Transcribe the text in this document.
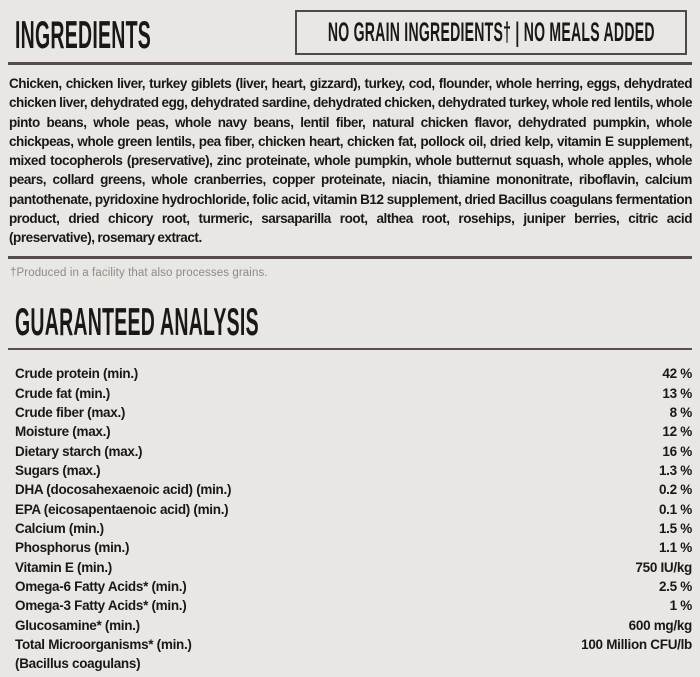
INGREDIENTS	NO GRAIN INGREDIENTS† | NO MEALS ADDED

Chicken, chicken liver, turkey giblets (liver, heart, gizzard), turkey, cod, flounder, whole herring, eggs, dehydrated chicken liver, dehydrated egg, dehydrated sardine, dehydrated chicken, dehydrated turkey, whole red lentils, whole pinto beans, whole peas, whole navy beans, lentil fiber, natural chicken flavor, dehydrated pumpkin, whole chickpeas, whole green lentils, pea fiber, chicken heart, chicken fat, pollock oil, dried kelp, vitamin E supplement, mixed tocopherols (preservative), zinc proteinate, whole pumpkin, whole butternut squash, whole apples, whole pears, collard greens, whole cranberries, copper proteinate, niacin, thiamine mononitrate, riboflavin, calcium pantothenate, pyridoxine hydrochloride, folic acid, vitamin B12 supplement, dried Bacillus coagulans fermentation product, dried chicory root, turmeric, sarsaparilla root, althea root, rosehips, juniper berries, citric acid (preservative), rosemary extract.

†Produced in a facility that also processes grains.

GUARANTEED ANALYSIS
Crude protein (min.)	42 %
Crude fat (min.)	13 %
Crude fiber (max.)	8 %
Moisture (max.)	12 %
Dietary starch (max.)	16 %
Sugars (max.)	1.3 %
DHA (docosahexaenoic acid) (min.)	0.2 %
EPA (eicosapentaenoic acid) (min.)	0.1 %
Calcium (min.)	1.5 %
Phosphorus (min.)	1.1 %
Vitamin E (min.)	750 IU/kg
Omega-6 Fatty Acids* (min.)	2.5 %
Omega-3 Fatty Acids* (min.)	1 %
Glucosamine* (min.)	600 mg/kg
Total Microorganisms* (min.)	100 Million CFU/lb
(Bacillus coagulans)
